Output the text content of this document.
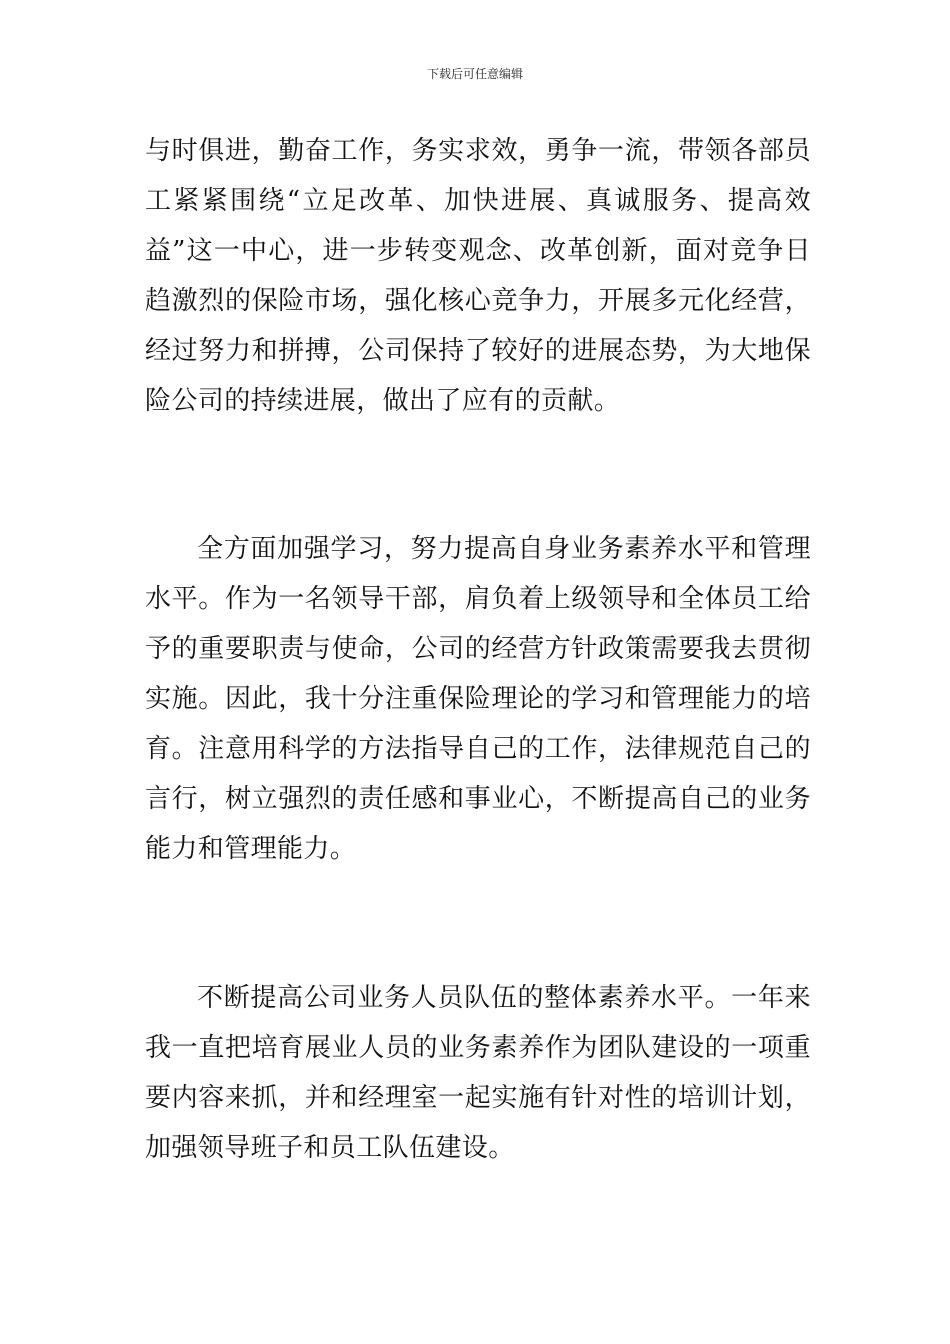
下载后可任意编辑

与时俱进，勤奋工作，务实求效，勇争一流，带领各部员工紧紧围绕“立足改革、加快进展、真诚服务、提高效益”这一中心，进一步转变观念、改革创新，面对竞争日趋激烈的保险市场，强化核心竞争力，开展多元化经营，经过努力和拼搏，公司保持了较好的进展态势，为大地保险公司的持续进展，做出了应有的贡献。

全方面加强学习，努力提高自身业务素养水平和管理水平。作为一名领导干部，肩负着上级领导和全体员工给予的重要职责与使命，公司的经营方针政策需要我去贯彻实施。因此，我十分注重保险理论的学习和管理能力的培育。注意用科学的方法指导自己的工作，法律规范自己的言行，树立强烈的责任感和事业心，不断提高自己的业务能力和管理能力。

不断提高公司业务人员队伍的整体素养水平。一年来我一直把培育展业人员的业务素养作为团队建设的一项重要内容来抓，并和经理室一起实施有针对性的培训计划，加强领导班子和员工队伍建设。
